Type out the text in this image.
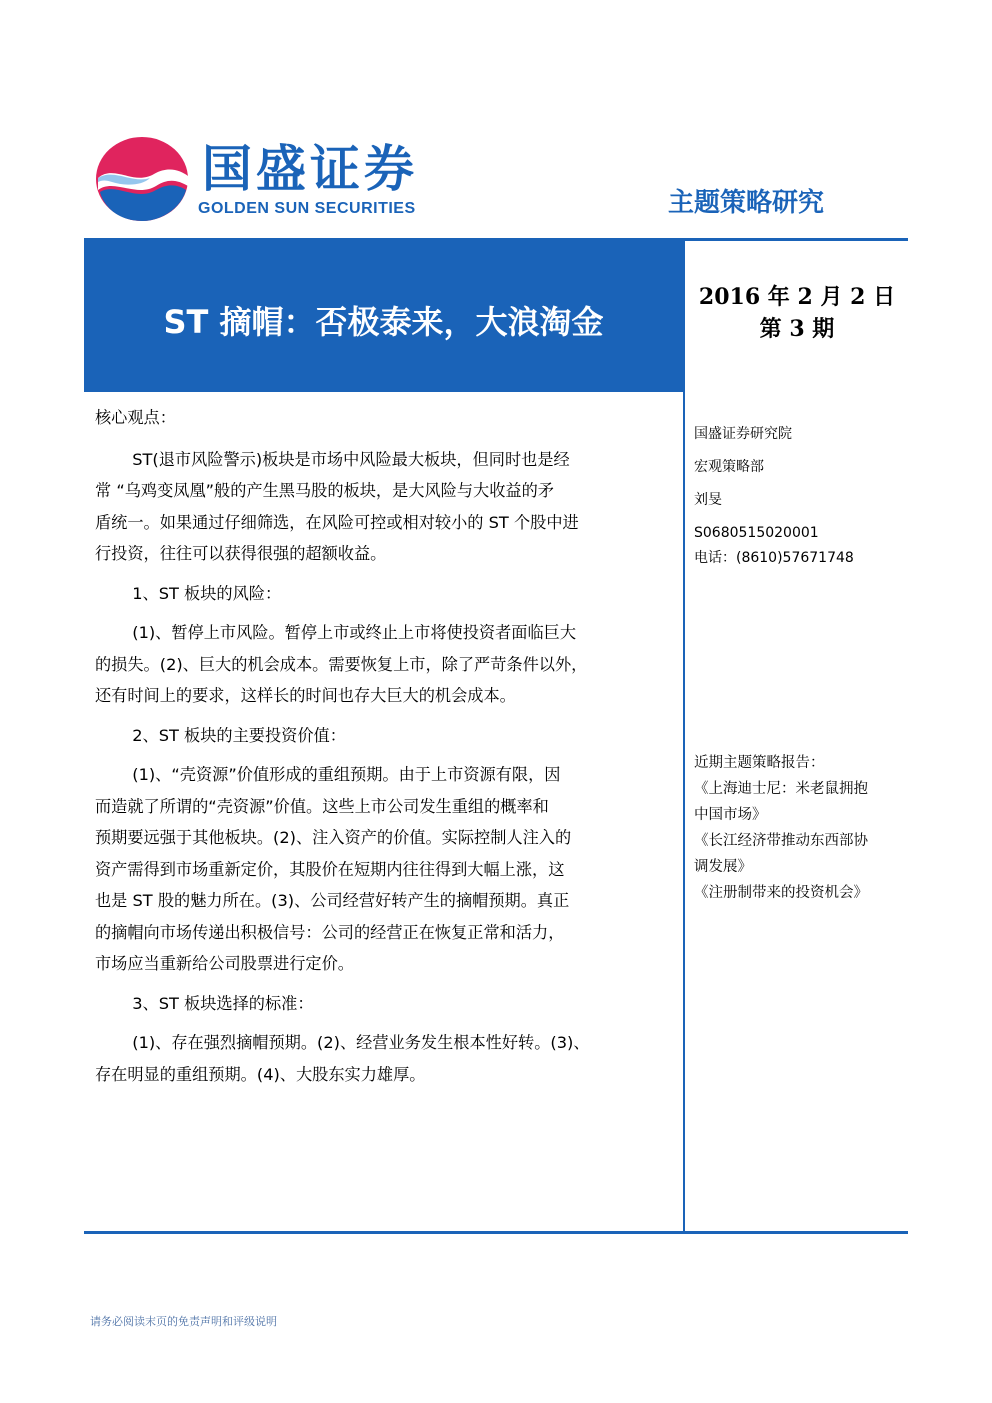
国盛证券
GOLDEN SUN SECURITIES	主题策略研究
ST 摘帽：否极泰来，大浪淘金
2016 年 2 月 2 日
第 3 期

核心观点：

ST(退市风险警示)板块是市场中风险最大板块，但同时也是经

常 “乌鸡变凤凰”般的产生黑马股的板块，是大风险与大收益的矛

盾统一。如果通过仔细筛选，在风险可控或相对较小的 ST 个股中进

行投资，往往可以获得很强的超额收益。

1、ST 板块的风险：

(1)、暂停上市风险。暂停上市或终止上市将使投资者面临巨大

的损失。(2)、巨大的机会成本。需要恢复上市，除了严苛条件以外，

还有时间上的要求，这样长的时间也存大巨大的机会成本。

2、ST 板块的主要投资价值：

(1)、“壳资源”价值形成的重组预期。由于上市资源有限，因

而造就了所谓的“壳资源”价值。这些上市公司发生重组的概率和

预期要远强于其他板块。(2)、注入资产的价值。实际控制人注入的

资产需得到市场重新定价，其股价在短期内往往得到大幅上涨，这

也是 ST 股的魅力所在。(3)、公司经营好转产生的摘帽预期。真正

的摘帽向市场传递出积极信号：公司的经营正在恢复正常和活力，

市场应当重新给公司股票进行定价。

3、ST 板块选择的标准：

(1)、存在强烈摘帽预期。(2)、经营业务发生根本性好转。(3)、

存在明显的重组预期。(4)、大股东实力雄厚。

国盛证券研究院
宏观策略部
刘旻
S0680515020001
电话：(8610)57671748
近期主题策略报告：
《上海迪士尼：米老鼠拥抱
中国市场》
《长江经济带推动东西部协
调发展》
《注册制带来的投资机会》
请务必阅读末页的免责声明和评级说明
